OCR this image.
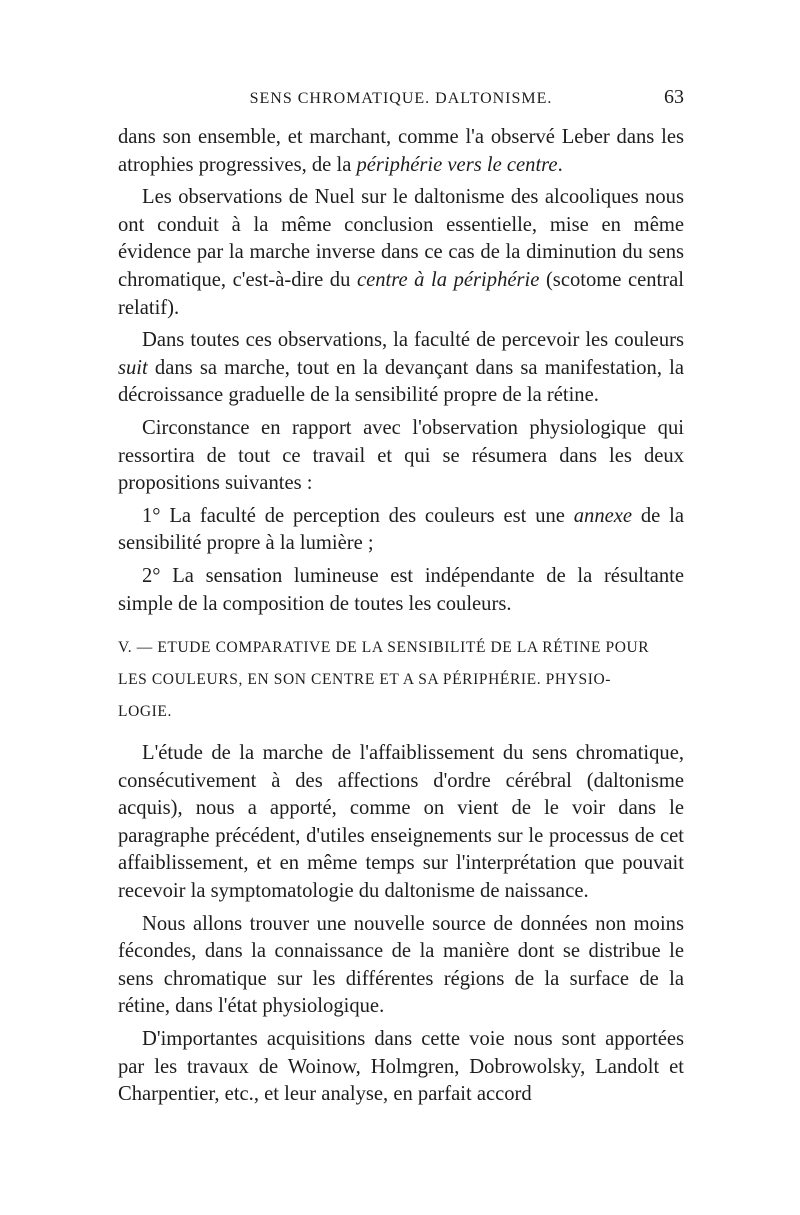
SENS CHROMATIQUE. DALTONISME.	63

dans son ensemble, et marchant, comme l'a observé Leber dans les atrophies progressives, de la périphérie vers le centre.

Les observations de Nuel sur le daltonisme des alcooliques nous ont conduit à la même conclusion essentielle, mise en même évidence par la marche inverse dans ce cas de la diminution du sens chromatique, c'est-à-dire du centre à la périphérie (scotome central relatif).

Dans toutes ces observations, la faculté de percevoir les couleurs suit dans sa marche, tout en la devançant dans sa manifestation, la décroissance graduelle de la sensibilité propre de la rétine.

Circonstance en rapport avec l'observation physiologique qui ressortira de tout ce travail et qui se résumera dans les deux propositions suivantes :

1° La faculté de perception des couleurs est une annexe de la sensibilité propre à la lumière ;

2° La sensation lumineuse est indépendante de la résultante simple de la composition de toutes les couleurs.

V. — ETUDE COMPARATIVE DE LA SENSIBILITÉ DE LA RÉTINE POUR
LES COULEURS, EN SON CENTRE ET A SA PÉRIPHÉRIE. PHYSIO-
LOGIE.

L'étude de la marche de l'affaiblissement du sens chromatique, consécutivement à des affections d'ordre cérébral (daltonisme acquis), nous a apporté, comme on vient de le voir dans le paragraphe précédent, d'utiles enseignements sur le processus de cet affaiblissement, et en même temps sur l'interprétation que pouvait recevoir la symptomatologie du daltonisme de naissance.

Nous allons trouver une nouvelle source de données non moins fécondes, dans la connaissance de la manière dont se distribue le sens chromatique sur les différentes régions de la surface de la rétine, dans l'état physiologique.

D'importantes acquisitions dans cette voie nous sont apportées par les travaux de Woinow, Holmgren, Dobrowolsky, Landolt et Charpentier, etc., et leur analyse, en parfait accord
